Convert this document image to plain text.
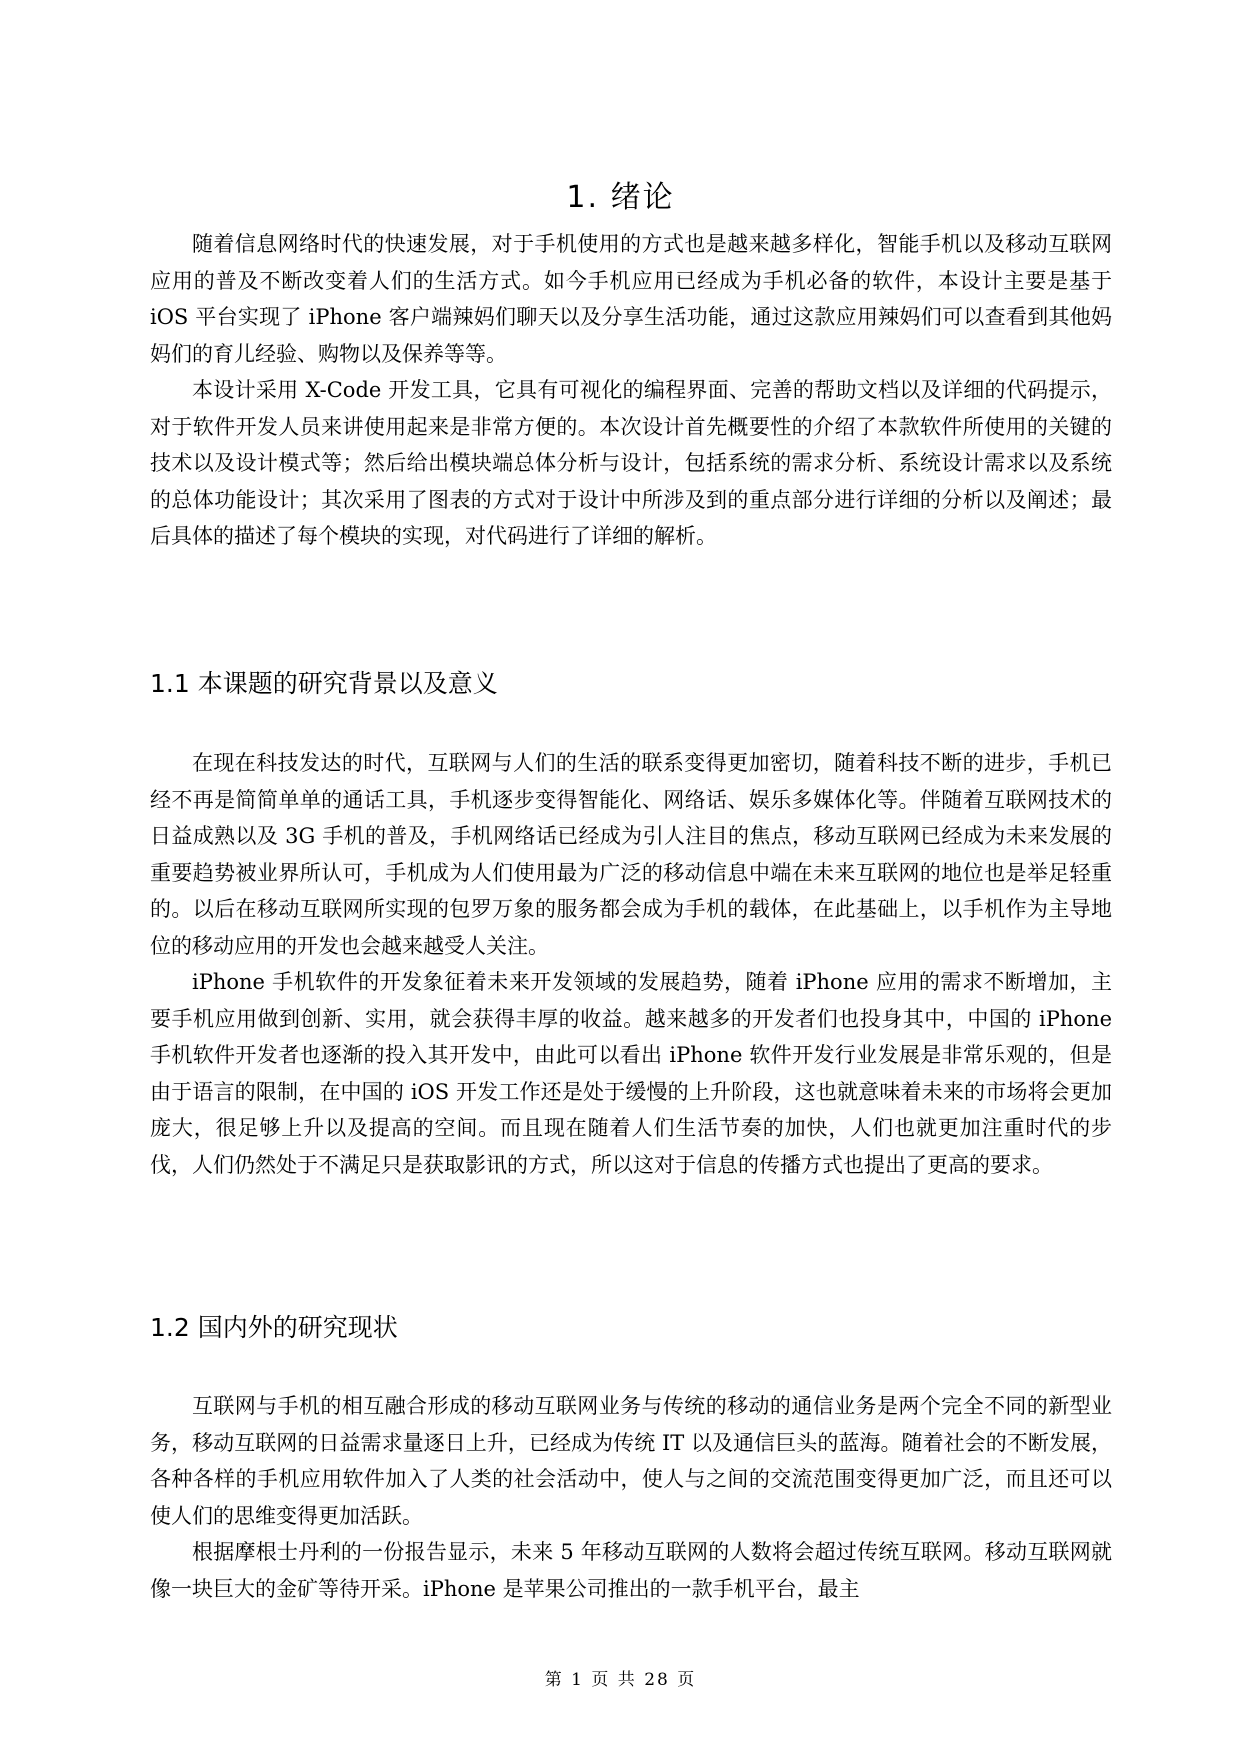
1. 绪论

随着信息网络时代的快速发展，对于手机使用的方式也是越来越多样化，智能手机以及移动互联网应用的普及不断改变着人们的生活方式。如今手机应用已经成为手机必备的软件，本设计主要是基于 iOS 平台实现了 iPhone 客户端辣妈们聊天以及分享生活功能，通过这款应用辣妈们可以查看到其他妈妈们的育儿经验、购物以及保养等等。

本设计采用 X-Code 开发工具，它具有可视化的编程界面、完善的帮助文档以及详细的代码提示，对于软件开发人员来讲使用起来是非常方便的。本次设计首先概要性的介绍了本款软件所使用的关键的技术以及设计模式等；然后给出模块端总体分析与设计，包括系统的需求分析、系统设计需求以及系统的总体功能设计；其次采用了图表的方式对于设计中所涉及到的重点部分进行详细的分析以及阐述；最后具体的描述了每个模块的实现，对代码进行了详细的解析。

1.1 本课题的研究背景以及意义

在现在科技发达的时代，互联网与人们的生活的联系变得更加密切，随着科技不断的进步，手机已经不再是简简单单的通话工具，手机逐步变得智能化、网络话、娱乐多媒体化等。伴随着互联网技术的日益成熟以及 3G 手机的普及，手机网络话已经成为引人注目的焦点，移动互联网已经成为未来发展的重要趋势被业界所认可，手机成为人们使用最为广泛的移动信息中端在未来互联网的地位也是举足轻重的。以后在移动互联网所实现的包罗万象的服务都会成为手机的载体，在此基础上，以手机作为主导地位的移动应用的开发也会越来越受人关注。

iPhone 手机软件的开发象征着未来开发领域的发展趋势，随着 iPhone 应用的需求不断增加，主要手机应用做到创新、实用，就会获得丰厚的收益。越来越多的开发者们也投身其中，中国的 iPhone 手机软件开发者也逐渐的投入其开发中，由此可以看出 iPhone 软件开发行业发展是非常乐观的，但是由于语言的限制，在中国的 iOS 开发工作还是处于缓慢的上升阶段，这也就意味着未来的市场将会更加庞大，很足够上升以及提高的空间。而且现在随着人们生活节奏的加快，人们也就更加注重时代的步伐，人们仍然处于不满足只是获取影讯的方式，所以这对于信息的传播方式也提出了更高的要求。

1.2 国内外的研究现状

互联网与手机的相互融合形成的移动互联网业务与传统的移动的通信业务是两个完全不同的新型业务，移动互联网的日益需求量逐日上升，已经成为传统 IT 以及通信巨头的蓝海。随着社会的不断发展，各种各样的手机应用软件加入了人类的社会活动中，使人与之间的交流范围变得更加广泛，而且还可以使人们的思维变得更加活跃。

根据摩根士丹利的一份报告显示，未来 5 年移动互联网的人数将会超过传统互联网。移动互联网就像一块巨大的金矿等待开采。iPhone 是苹果公司推出的一款手机平台，最主

第 1 页 共 28 页
